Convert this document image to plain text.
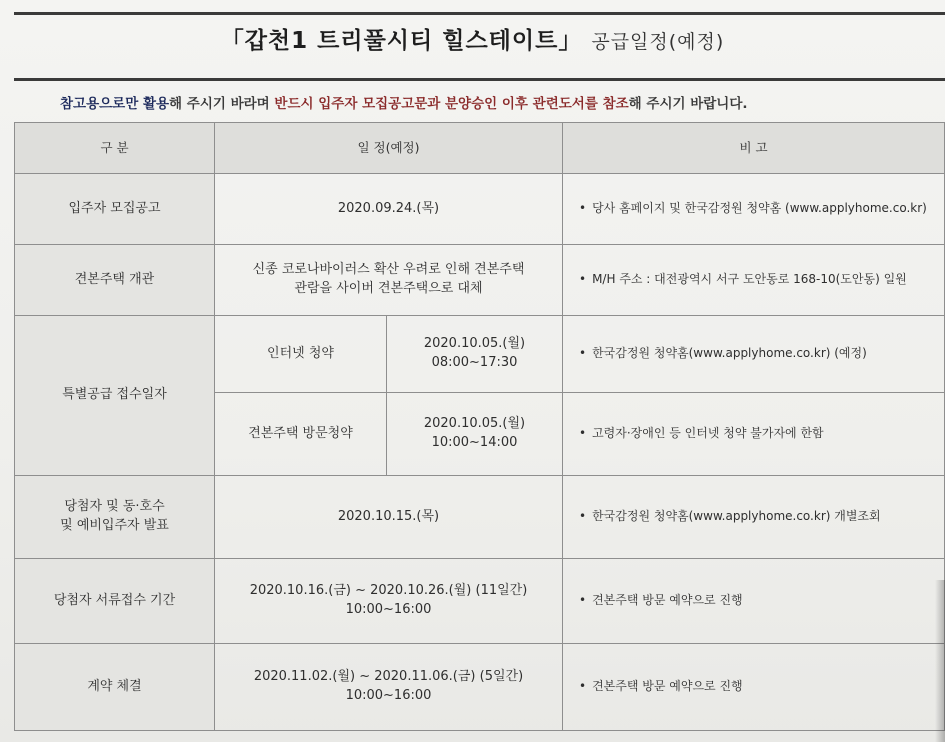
「갑천1 트리풀시티 힐스테이트」 공급일정(예정)
참고용으로만 활용해 주시기 바라며 반드시 입주자 모집공고문과 분양승인 이후 관련도서를 참조해 주시기 바랍니다.
구 분	일 정(예정)		비 고
입주자 모집공고	2020.09.24.(목)		• 당사 홈페이지 및 한국감정원 청약홈 (www.applyhome.co.kr)
견본주택 개관	신종 코로나바이러스 확산 우려로 인해 견본주택
관람을 사이버 견본주택으로 대체		• M/H 주소 : 대전광역시 서구 도안동로 168-10(도안동) 일원
특별공급 접수일자	인터넷 청약	2020.10.05.(월)
08:00~17:30	• 한국감정원 청약홈(www.applyhome.co.kr) (예정)
	견본주택 방문청약	2020.10.05.(월)
10:00~14:00	• 고령자·장애인 등 인터넷 청약 불가자에 한함

당첨자 및 동·호수
및 예비입주자 발표	2020.10.15.(목)		• 한국감정원 청약홈(www.applyhome.co.kr) 개별조회
당첨자 서류접수 기간	2020.10.16.(금) ~ 2020.10.26.(월) (11일간)
10:00~16:00		• 견본주택 방문 예약으로 진행
계약 체결	2020.11.02.(월) ~ 2020.11.06.(금) (5일간)
10:00~16:00		• 견본주택 방문 예약으로 진행
